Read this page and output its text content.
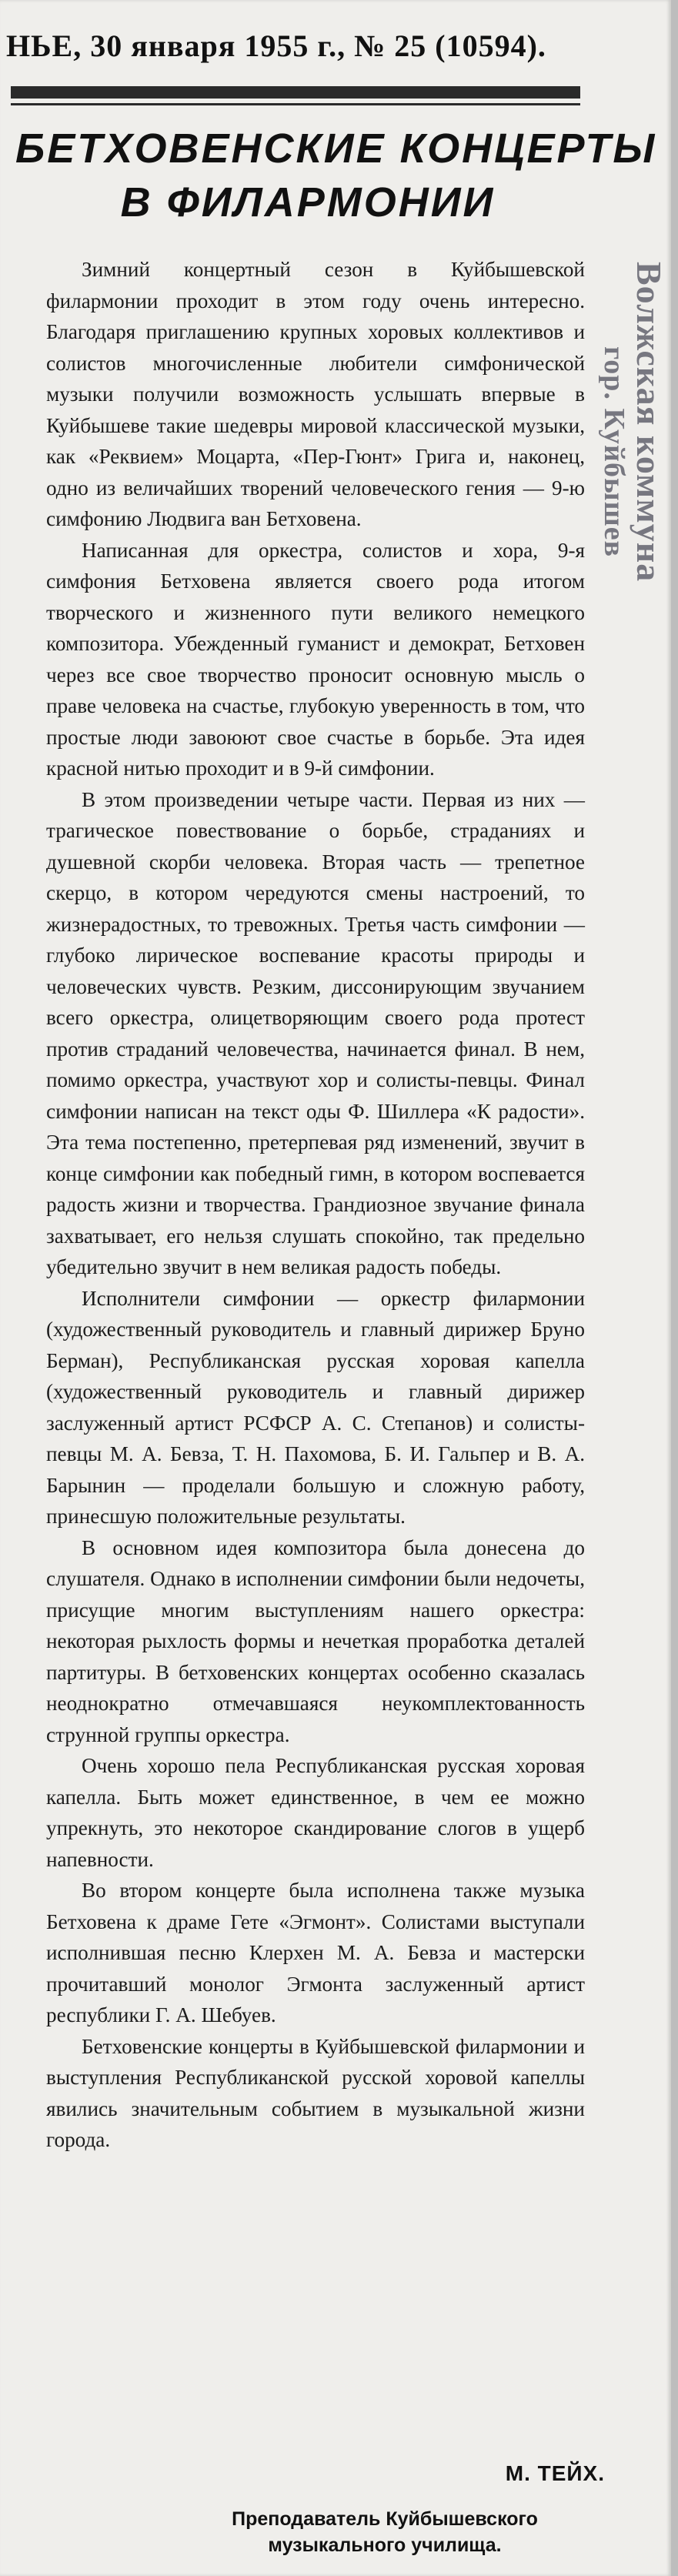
НЬЕ, 30 января 1955 г., № 25 (10594).
БЕТХОВЕНСКИЕ КОНЦЕРТЫ
В ФИЛАРМОНИИ
Волжская коммуна
гор. Куйбышев

Зимний концертный сезон в Куйбышевской филармонии проходит в этом году очень интересно. Благодаря приглашению крупных хоровых коллективов и солистов многочисленные любители симфонической музыки получили возможность услышать впервые в Куйбышеве такие шедевры мировой классической музыки, как «Реквием» Моцарта, «Пер-Гюнт» Грига и, наконец, одно из величайших творений человеческого гения — 9-ю симфонию Людвига ван Бетховена.

Написанная для оркестра, солистов и хора, 9-я симфония Бетховена является своего рода итогом творческого и жизненного пути великого немецкого композитора. Убежденный гуманист и демократ, Бетховен через все свое творчество проносит основную мысль о праве человека на счастье, глубокую уверенность в том, что простые люди завоюют свое счастье в борьбе. Эта идея красной нитью проходит и в 9-й симфонии.

В этом произведении четыре части. Первая из них — трагическое повествование о борьбе, страданиях и душевной скорби человека. Вторая часть — трепетное скерцо, в котором чередуются смены настроений, то жизнерадостных, то тревожных. Третья часть симфонии — глубоко лирическое воспевание красоты природы и человеческих чувств. Резким, диссонирующим звучанием всего оркестра, олицетворяющим своего рода протест против страданий человечества, начинается финал. В нем, помимо оркестра, участвуют хор и солисты-певцы. Финал симфонии написан на текст оды Ф. Шиллера «К радости». Эта тема постепенно, претерпевая ряд изменений, звучит в конце симфонии как победный гимн, в котором воспевается радость жизни и творчества. Грандиозное звучание финала захватывает, его нельзя слушать спокойно, так предельно убедительно звучит в нем великая радость победы.

Исполнители симфонии — оркестр филармонии (художественный руководитель и главный дирижер Бруно Берман), Республиканская русская хоровая капелла (художественный руководитель и главный дирижер заслуженный артист РСФСР А. С. Степанов) и солисты-певцы М. А. Бевза, Т. Н. Пахомова, Б. И. Гальпер и В. А. Барынин — проделали большую и сложную работу, принесшую положительные результаты.

В основном идея композитора была донесена до слушателя. Однако в исполнении симфонии были недочеты, присущие многим выступлениям нашего оркестра: некоторая рыхлость формы и нечеткая проработка деталей партитуры. В бетховенских концертах особенно сказалась неоднократно отмечавшаяся неукомплектованность струнной группы оркестра.

Очень хорошо пела Республиканская русская хоровая капелла. Быть может единственное, в чем ее можно упрекнуть, это некоторое скандирование слогов в ущерб напевности.

Во втором концерте была исполнена также музыка Бетховена к драме Гете «Эгмонт». Солистами выступали исполнившая песню Клерхен М. А. Бевза и мастерски прочитавший монолог Эгмонта заслуженный артист республики Г. А. Шебуев.

Бетховенские концерты в Куйбышевской филармонии и выступления Республиканской русской хоровой капеллы явились значительным событием в музыкальной жизни города.

М. ТЕЙХ.
Преподаватель Куйбышевского
музыкального училища.
